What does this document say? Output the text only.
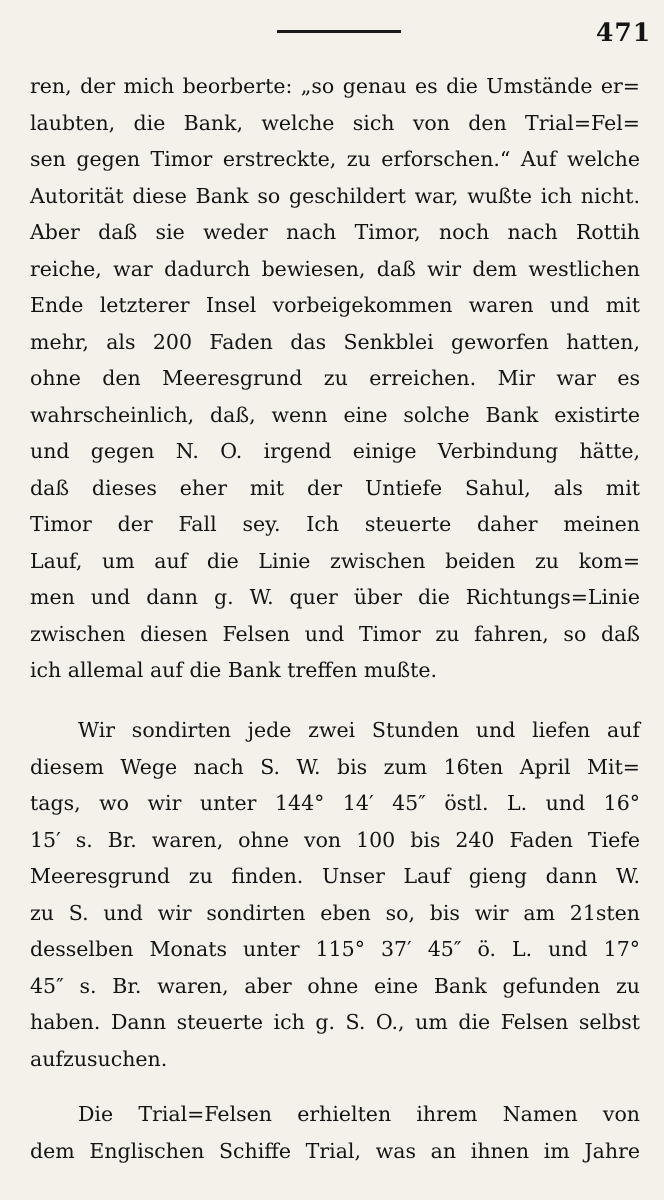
471
ren, der mich beorberte: „so genau es die Umstände er=
laubten, die Bank, welche sich von den Trial=Fel=
sen gegen Timor erstreckte, zu erforschen.“ Auf welche
Autorität diese Bank so geschildert war, wußte ich nicht.
Aber daß sie weder nach Timor, noch nach Rottih
reiche, war dadurch bewiesen, daß wir dem westlichen
Ende letzterer Insel vorbeigekommen waren und mit
mehr, als 200 Faden das Senkblei geworfen hatten,
ohne den Meeresgrund zu erreichen. Mir war es
wahrscheinlich, daß, wenn eine solche Bank existirte
und gegen N. O. irgend einige Verbindung hätte,
daß dieses eher mit der Untiefe Sahul, als mit
Timor der Fall sey. Ich steuerte daher meinen
Lauf, um auf die Linie zwischen beiden zu kom=
men und dann g. W. quer über die Richtungs=Linie
zwischen diesen Felsen und Timor zu fahren, so daß
ich allemal auf die Bank treffen mußte.
Wir sondirten jede zwei Stunden und liefen auf
diesem Wege nach S. W. bis zum 16ten April Mit=
tags, wo wir unter 144° 14′ 45″ östl. L. und 16°
15′ s. Br. waren, ohne von 100 bis 240 Faden Tiefe
Meeresgrund zu finden. Unser Lauf gieng dann W.
zu S. und wir sondirten eben so, bis wir am 21sten
desselben Monats unter 115° 37′ 45″ ö. L. und 17°
45″ s. Br. waren, aber ohne eine Bank gefunden zu
haben. Dann steuerte ich g. S. O., um die Felsen selbst
aufzusuchen.
Die Trial=Felsen erhielten ihrem Namen von
dem Englischen Schiffe Trial, was an ihnen im Jahre
